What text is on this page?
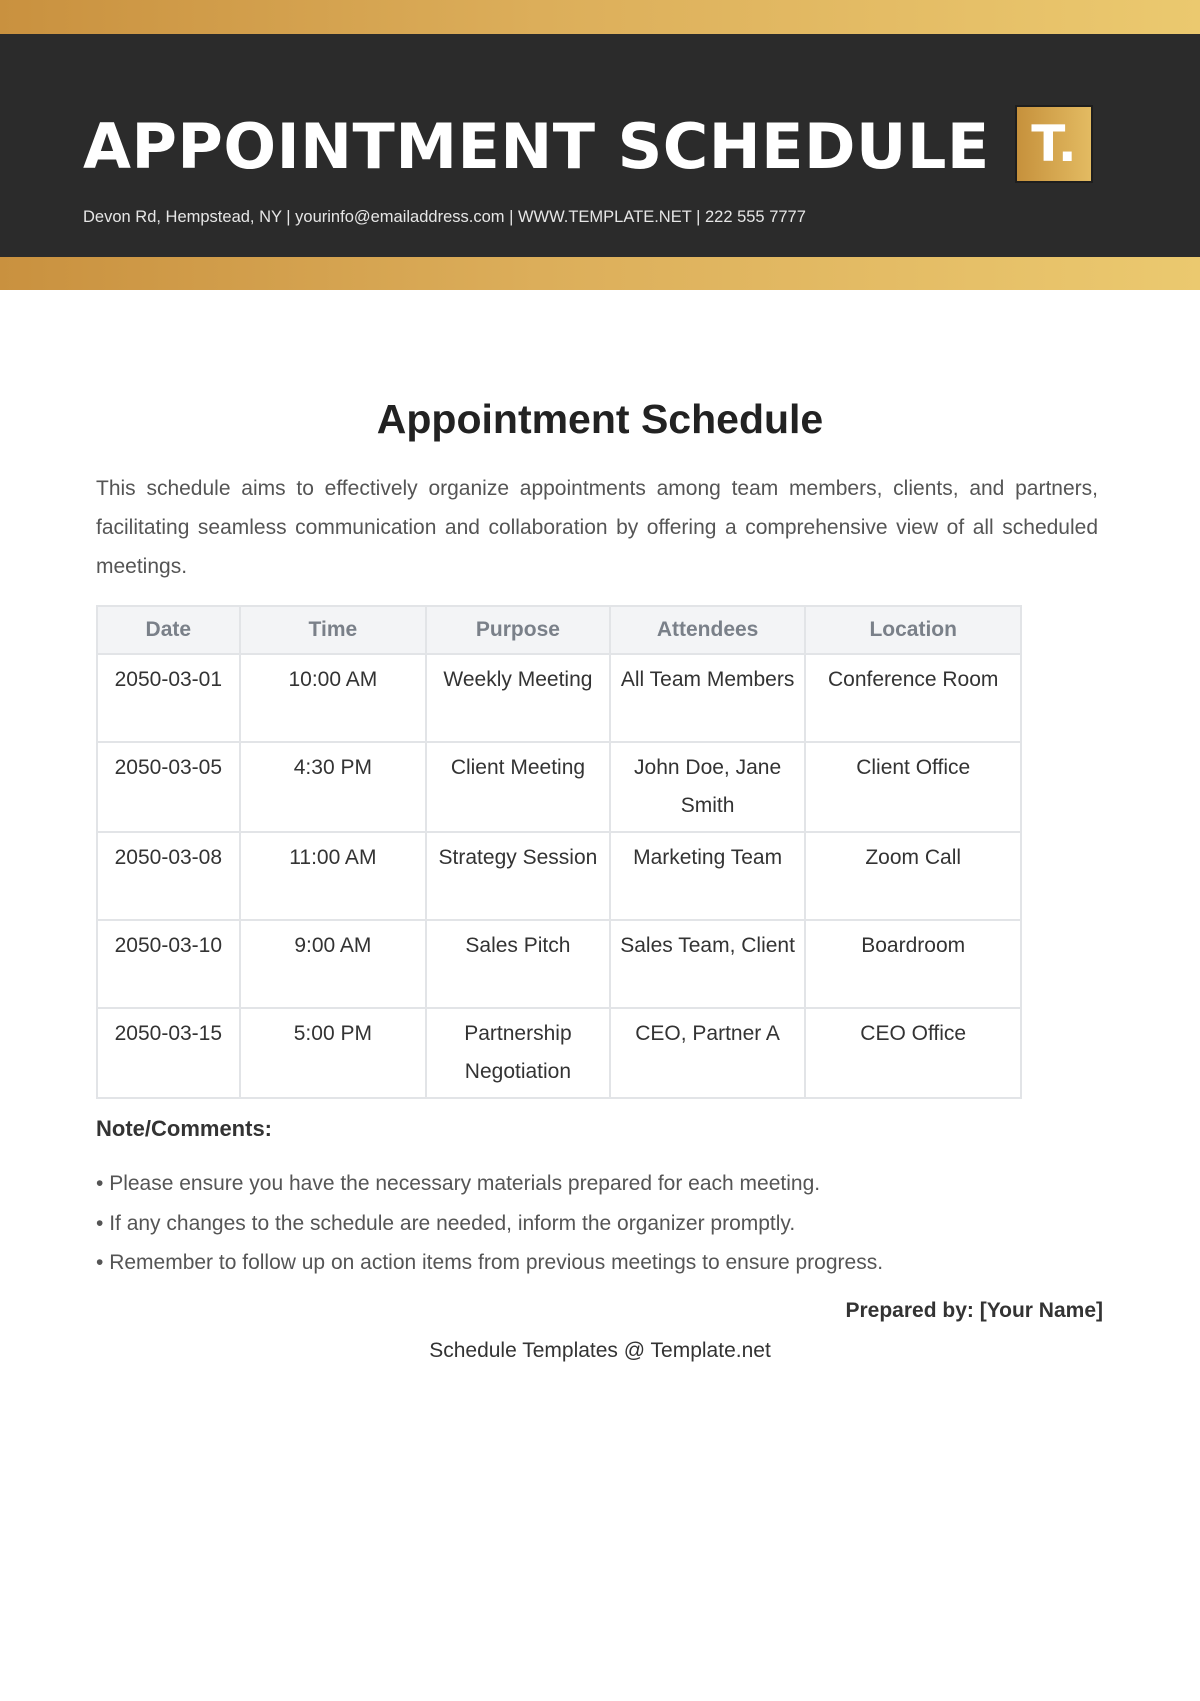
APPOINTMENT SCHEDULE
Devon Rd, Hempstead, NY | yourinfo@emailaddress.com | WWW.TEMPLATE.NET | 222 555 7777
T.
Appointment Schedule
This schedule aims to effectively organize appointments among team members, clients, and partners, facilitating seamless communication and collaboration by offering a comprehensive view of all scheduled meetings.
Date	Time	Purpose	Attendees	Location
2050-03-01	10:00 AM	Weekly Meeting	All Team Members	Conference Room
2050-03-05	4:30 PM	Client Meeting	John Doe, Jane Smith	Client Office
2050-03-08	11:00 AM	Strategy Session	Marketing Team	Zoom Call
2050-03-10	9:00 AM	Sales Pitch	Sales Team, Client	Boardroom
2050-03-15	5:00 PM	Partnership Negotiation	CEO, Partner A	CEO Office
Note/Comments:
• Please ensure you have the necessary materials prepared for each meeting.
• If any changes to the schedule are needed, inform the organizer promptly.
• Remember to follow up on action items from previous meetings to ensure progress.
Prepared by: [Your Name]
Schedule Templates @ Template.net
